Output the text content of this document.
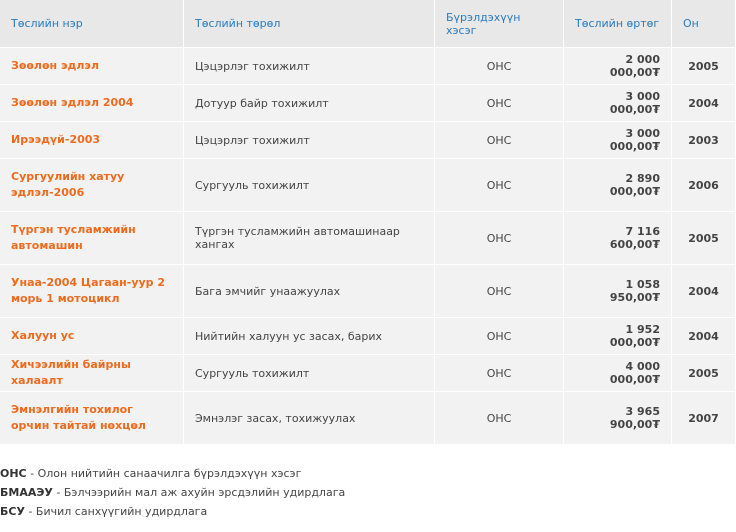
Төслийн нэр	Төслийн төрөл	Бүрэлдэхүүн хэсэг	Төслийн өртөг	Он
Зөөлөн эдлэл	Цэцэрлэг тохижилт	ОНС	2 000 000,00₮	2005
Зөөлөн эдлэл 2004	Дотуур байр тохижилт	ОНС	3 000 000,00₮	2004
Ирээдүй-2003	Цэцэрлэг тохижилт	ОНС	3 000 000,00₮	2003
Сургуулийн хатуу эдлэл-2006	Сургууль тохижилт	ОНС	2 890 000,00₮	2006
Түргэн тусламжийн автомашин	Түргэн тусламжийн автомашинаар хангах	ОНС	7 116 600,00₮	2005
Унаа-2004 Цагаан-уур 2 морь 1 мотоцикл	Бага эмчийг унаажуулах	ОНС	1 058 950,00₮	2004
Халуун ус	Нийтийн халуун ус засах, барих	ОНС	1 952 000,00₮	2004
Хичээлийн байрны халаалт	Сургууль тохижилт	ОНС	4 000 000,00₮	2005
Эмнэлгийн тохилог орчин тайтай нөхцөл	Эмнэлэг засах, тохижуулах	ОНС	3 965 900,00₮	2007
ОНС - Олон нийтийн санаачилга бүрэлдэхүүн хэсэг
БМААЭУ - Бэлчээрийн мал аж ахуйн эрсдэлийн удирдлага
БСУ - Бичил санхүүгийн удирдлага
